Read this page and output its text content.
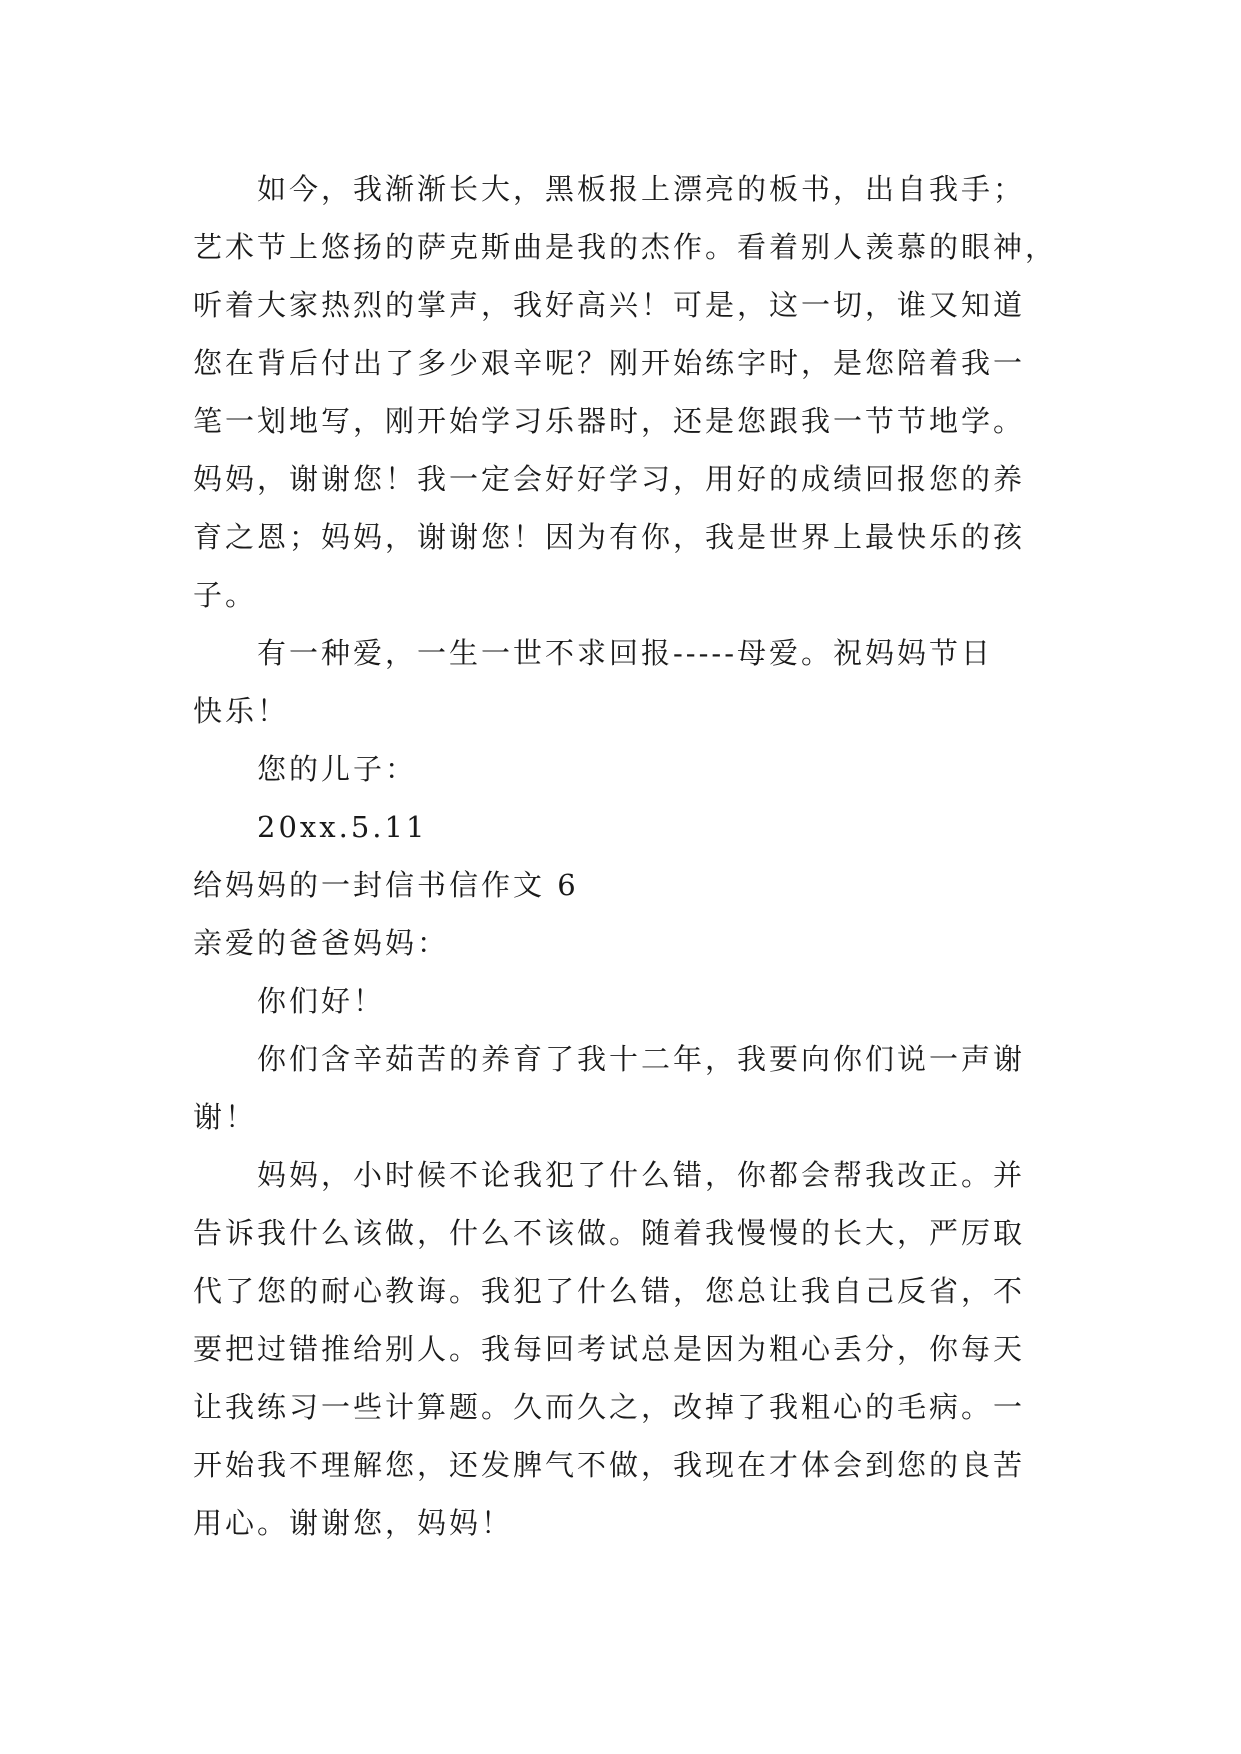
如今，我渐渐长大，黑板报上漂亮的板书，出自我手；
艺术节上悠扬的萨克斯曲是我的杰作。看着别人羡慕的眼神，
听着大家热烈的掌声，我好高兴！可是，这一切，谁又知道
您在背后付出了多少艰辛呢？刚开始练字时，是您陪着我一
笔一划地写，刚开始学习乐器时，还是您跟我一节节地学。
妈妈，谢谢您！我一定会好好学习，用好的成绩回报您的养
育之恩；妈妈，谢谢您！因为有你，我是世界上最快乐的孩
子。
有一种爱，一生一世不求回报-----母爱。祝妈妈节日
快乐！
您的儿子：
20xx.5.11
给妈妈的一封信书信作文 6
亲爱的爸爸妈妈：
你们好！
你们含辛茹苦的养育了我十二年，我要向你们说一声谢
谢！
妈妈，小时候不论我犯了什么错，你都会帮我改正。并
告诉我什么该做，什么不该做。随着我慢慢的长大，严厉取
代了您的耐心教诲。我犯了什么错，您总让我自己反省，不
要把过错推给别人。我每回考试总是因为粗心丢分，你每天
让我练习一些计算题。久而久之，改掉了我粗心的毛病。一
开始我不理解您，还发脾气不做，我现在才体会到您的良苦
用心。谢谢您，妈妈！
